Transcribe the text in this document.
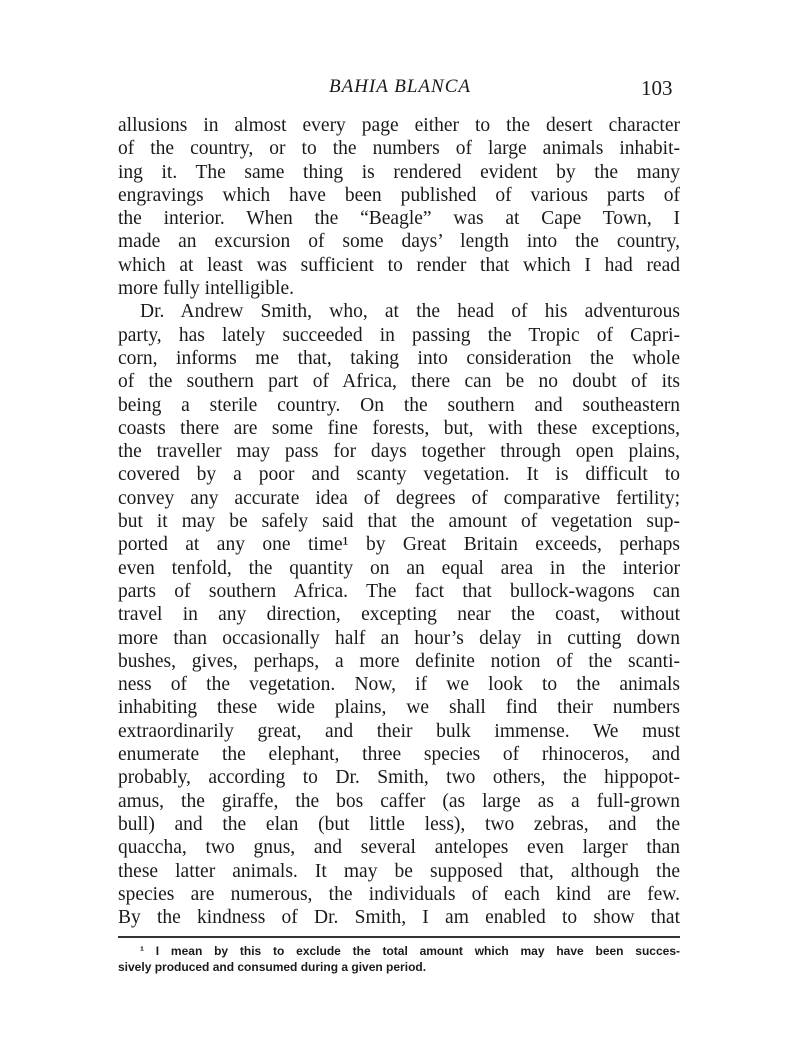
BAHIA BLANCA	103
allusions in almost every page either to the desert character
of the country, or to the numbers of large animals inhabit-
ing it. The same thing is rendered evident by the many
engravings which have been published of various parts of
the interior. When the “Beagle” was at Cape Town, I
made an excursion of some days’ length into the country,
which at least was sufficient to render that which I had read
more fully intelligible.
Dr. Andrew Smith, who, at the head of his adventurous
party, has lately succeeded in passing the Tropic of Capri-
corn, informs me that, taking into consideration the whole
of the southern part of Africa, there can be no doubt of its
being a sterile country. On the southern and southeastern
coasts there are some fine forests, but, with these exceptions,
the traveller may pass for days together through open plains,
covered by a poor and scanty vegetation. It is difficult to
convey any accurate idea of degrees of comparative fertility;
but it may be safely said that the amount of vegetation sup-
ported at any one time¹ by Great Britain exceeds, perhaps
even tenfold, the quantity on an equal area in the interior
parts of southern Africa. The fact that bullock-wagons can
travel in any direction, excepting near the coast, without
more than occasionally half an hour’s delay in cutting down
bushes, gives, perhaps, a more definite notion of the scanti-
ness of the vegetation. Now, if we look to the animals
inhabiting these wide plains, we shall find their numbers
extraordinarily great, and their bulk immense. We must
enumerate the elephant, three species of rhinoceros, and
probably, according to Dr. Smith, two others, the hippopot-
amus, the giraffe, the bos caffer (as large as a full-grown
bull) and the elan (but little less), two zebras, and the
quaccha, two gnus, and several antelopes even larger than
these latter animals. It may be supposed that, although the
species are numerous, the individuals of each kind are few.
By the kindness of Dr. Smith, I am enabled to show that
¹ I mean by this to exclude the total amount which may have been succes-
sively produced and consumed during a given period.
